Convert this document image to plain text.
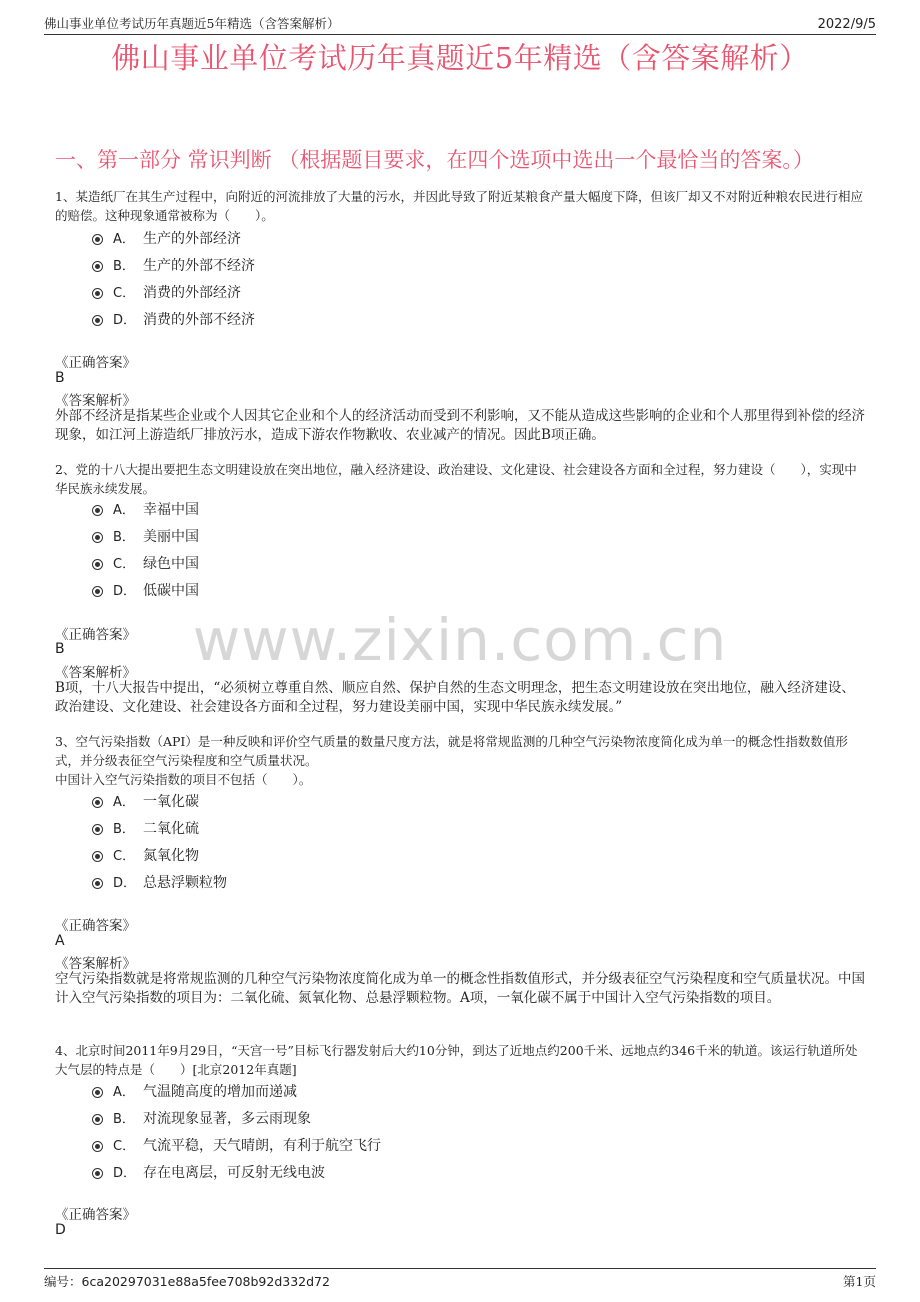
佛山事业单位考试历年真题近5年精选（含答案解析）	2022/9/5
佛山事业单位考试历年真题近5年精选（含答案解析）
一、第一部分 常识判断 （根据题目要求，在四个选项中选出一个最恰当的答案。）
www.zixin.com.cn

1、某造纸厂在其生产过程中，向附近的河流排放了大量的污水，并因此导致了附近某粮食产量大幅度下降，但该厂却又不对附近种粮农民进行相应的赔偿。这种现象通常被称为（　　）。

A． 生产的外部经济
B． 生产的外部不经济
C． 消费的外部经济
D． 消费的外部不经济

《正确答案》

B

《答案解析》

外部不经济是指某些企业或个人因其它企业和个人的经济活动而受到不利影响，又不能从造成这些影响的企业和个人那里得到补偿的经济现象，如江河上游造纸厂排放污水，造成下游农作物歉收、农业减产的情况。因此B项正确。

2、党的十八大提出要把生态文明建设放在突出地位，融入经济建设、政治建设、文化建设、社会建设各方面和全过程，努力建设（　　），实现中华民族永续发展。

A． 幸福中国
B． 美丽中国
C． 绿色中国
D． 低碳中国

《正确答案》

B

《答案解析》

B项，十八大报告中提出，“必须树立尊重自然、顺应自然、保护自然的生态文明理念，把生态文明建设放在突出地位，融入经济建设、政治建设、文化建设、社会建设各方面和全过程，努力建设美丽中国，实现中华民族永续发展。”

3、空气污染指数（API）是一种反映和评价空气质量的数量尺度方法，就是将常规监测的几种空气污染物浓度简化成为单一的概念性指数数值形式，并分级表征空气污染程度和空气质量状况。

中国计入空气污染指数的项目不包括（　　）。

A． 一氧化碳
B． 二氧化硫
C． 氮氧化物
D． 总悬浮颗粒物

《正确答案》

A

《答案解析》

空气污染指数就是将常规监测的几种空气污染物浓度简化成为单一的概念性指数值形式，并分级表征空气污染程度和空气质量状况。中国计入空气污染指数的项目为：二氧化硫、氮氧化物、总悬浮颗粒物。A项，一氧化碳不属于中国计入空气污染指数的项目。

4、北京时间2011年9月29日，“天宫一号”目标飞行器发射后大约10分钟，到达了近地点约200千米、远地点约346千米的轨道。该运行轨道所处大气层的特点是（　　）[北京2012年真题]

A． 气温随高度的增加而递减
B． 对流现象显著，多云雨现象
C． 气流平稳，天气晴朗，有利于航空飞行
D． 存在电离层，可反射无线电波

《正确答案》

D

编号：6ca20297031e88a5fee708b92d332d72	第1页
